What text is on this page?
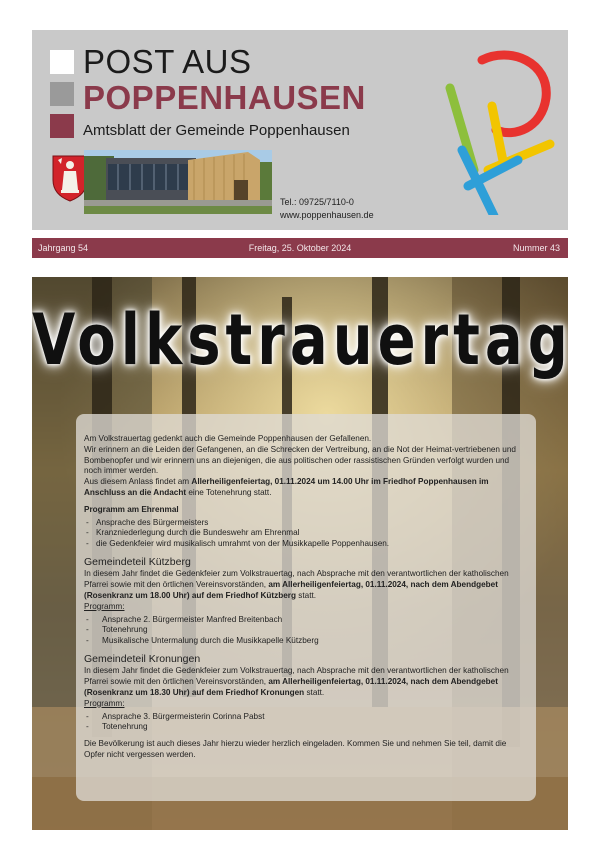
POST AUS
POPPENHAUSEN
Amtsblatt der Gemeinde Poppenhausen
Tel.: 09725/7110-0
www.poppenhausen.de
Freitag, 25. Oktober 2024
Jahrgang 54	Nummer 43
Volkstrauertag

Am Volkstrauertag gedenkt auch die Gemeinde Poppenhausen der Gefallenen.

Wir erinnern an die Leiden der Gefangenen, an die Schrecken der Vertreibung, an die Not der Heimat-vertriebenen und Bombenopfer und wir erinnern uns an diejenigen, die aus politischen oder rassistischen Gründen verfolgt wurden und noch immer werden.

Aus diesem Anlass findet am Allerheiligenfeiertag, 01.11.2024 um 14.00 Uhr im Friedhof Poppenhausen im Anschluss an die Andacht eine Totenehrung statt.

Programm am Ehrenmal

- Ansprache des Bürgermeisters
- Kranzniederlegung durch die Bundeswehr am Ehrenmal
- die Gedenkfeier wird musikalisch umrahmt von der Musikkapelle Poppenhausen.
Gemeindeteil Kützberg

In diesem Jahr findet die Gedenkfeier zum Volkstrauertag, nach Absprache mit den verantwortlichen der katholischen Pfarrei sowie mit den örtlichen Vereinsvorständen, am Allerheiligenfeiertag, 01.11.2024, nach dem Abendgebet (Rosenkranz um 18.00 Uhr) auf dem Friedhof Kützberg statt.

Programm:

- Ansprache 2. Bürgermeister Manfred Breitenbach
- Totenehrung
- Musikalische Untermalung durch die Musikkapelle Kützberg
Gemeindeteil Kronungen

In diesem Jahr findet die Gedenkfeier zum Volkstrauertag, nach Absprache mit den verantwortlichen der katholischen Pfarrei sowie mit den örtlichen Vereinsvorständen, am Allerheiligenfeiertag, 01.11.2024, nach dem Abendgebet (Rosenkranz um 18.30 Uhr) auf dem Friedhof Kronungen statt.

Programm:

- Ansprache 3. Bürgermeisterin Corinna Pabst
- Totenehrung

Die Bevölkerung ist auch dieses Jahr hierzu wieder herzlich eingeladen. Kommen Sie und nehmen Sie teil, damit die Opfer nicht vergessen werden.
